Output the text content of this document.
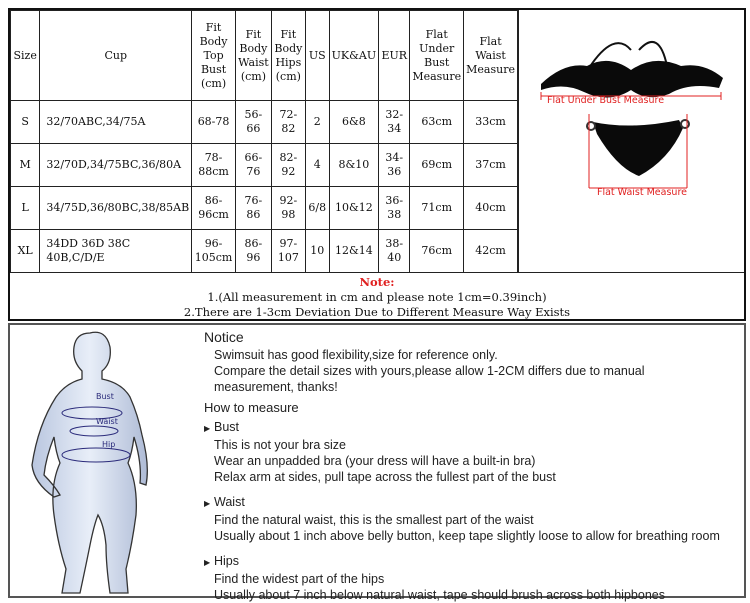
Size	Cup	Fit Body Top Bust (cm)	Fit Body Waist (cm)	Fit Body Hips (cm)	US	UK&AU	EUR	Flat Under Bust Measure	Flat Waist Measure
S	32/70ABC,34/75A	68-78	56-66	72-82	2	6&8	32-34	63cm	33cm
M	32/70D,34/75BC,36/80A	78-88cm	66-76	82-92	4	8&10	34-36	69cm	37cm
L	34/75D,36/80BC,38/85AB	86-96cm	76-86	92-98	6/8	10&12	36-38	71cm	40cm
XL	34DD 36D 38C 40B,C/D/E	96-105cm	86-96	97-107	10	12&14	38-40	76cm	42cm
Flat Under Bust Measure
Flat Waist Measure
Note:
1.(All measurement in cm and please note 1cm=0.39inch)
2.There are 1-3cm Deviation Due to Different Measure Way Exists
Bust
Waist
Hip
Notice
Swimsuit has good flexibility,size for reference only.
Compare the detail sizes with yours,please allow 1-2CM differs due to manual
measurement, thanks!
How to measure
▶ Bust
This is not your bra size
Wear an unpadded bra (your dress will have a built-in bra)
Relax arm at sides, pull tape across the fullest part of the bust
▶ Waist
Find the natural waist, this is the smallest part of the waist
Usually about 1 inch above belly button, keep tape slightly loose to allow for breathing room
▶ Hips
Find the widest part of the hips
Usually about 7 inch below natural waist, tape should brush across both hipbones
